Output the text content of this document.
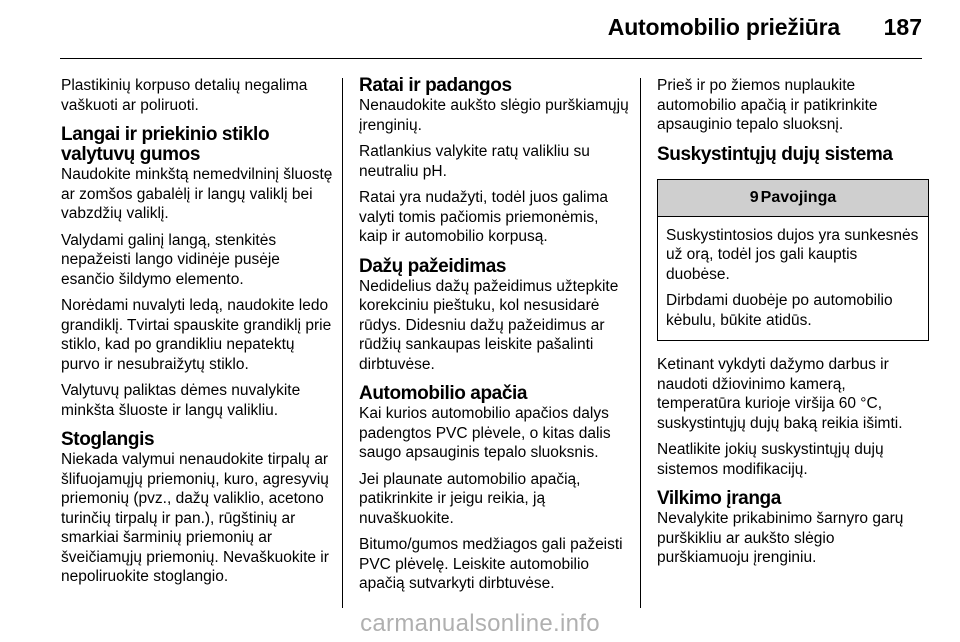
Automobilio priežiūra 187

Plastikinių korpuso detalių negalima vaškuoti ar poliruoti.

Langai ir priekinio stiklo valytuvų gumos

Naudokite minkštą nemedvilninį šluostę ar zomšos gabalėlį ir langų valiklį bei vabzdžių valiklį.

Valydami galinį langą, stenkitės nepažeisti lango vidinėje pusėje esančio šildymo elemento.

Norėdami nuvalyti ledą, naudokite ledo grandiklį. Tvirtai spauskite grandiklį prie stiklo, kad po grandikliu nepatektų purvo ir nesubraižytų stiklo.

Valytuvų paliktas dėmes nuvalykite minkšta šluoste ir langų valikliu.

Stoglangis

Niekada valymui nenaudokite tirpalų ar šlifuojamųjų priemonių, kuro, agresyvių priemonių (pvz., dažų valiklio, acetono turinčių tirpalų ir pan.), rūgštinių ar smarkiai šarminių priemonių ar šveičiamųjų priemonių. Nevaškuokite ir nepoliruokite stoglangio.

Ratai ir padangos

Nenaudokite aukšto slėgio purškiamųjų įrenginių.

Ratlankius valykite ratų valikliu su neutraliu pH.

Ratai yra nudažyti, todėl juos galima valyti tomis pačiomis priemonėmis, kaip ir automobilio korpusą.

Dažų pažeidimas

Nedidelius dažų pažeidimus užtepkite korekciniu pieštuku, kol nesusidarė rūdys. Didesniu dažų pažeidimus ar rūdžių sankaupas leiskite pašalinti dirbtuvėse.

Automobilio apačia

Kai kurios automobilio apačios dalys padengtos PVC plėvele, o kitas dalis saugo apsauginis tepalo sluoksnis.

Jei plaunate automobilio apačią, patikrinkite ir jeigu reikia, ją nuvaškuokite.

Bitumo/gumos medžiagos gali pažeisti PVC plėvelę. Leiskite automobilio apačią sutvarkyti dirbtuvėse.

Prieš ir po žiemos nuplaukite automobilio apačią ir patikrinkite apsauginio tepalo sluoksnį.

Suskystintųjų dujų sistema
9 Pavojinga

Suskystintosios dujos yra sunkesnės už orą, todėl jos gali kauptis duobėse.

Dirbdami duobėje po automobilio kėbulu, būkite atidūs.

Ketinant vykdyti dažymo darbus ir naudoti džiovinimo kamerą, temperatūra kurioje viršija 60 °C, suskystintųjų dujų baką reikia išimti.

Neatlikite jokių suskystintųjų dujų sistemos modifikacijų.

Vilkimo įranga

Nevalykite prikabinimo šarnyro garų purškikliu ar aukšto slėgio purškiamuoju įrenginiu.

carmanualsonline.info
